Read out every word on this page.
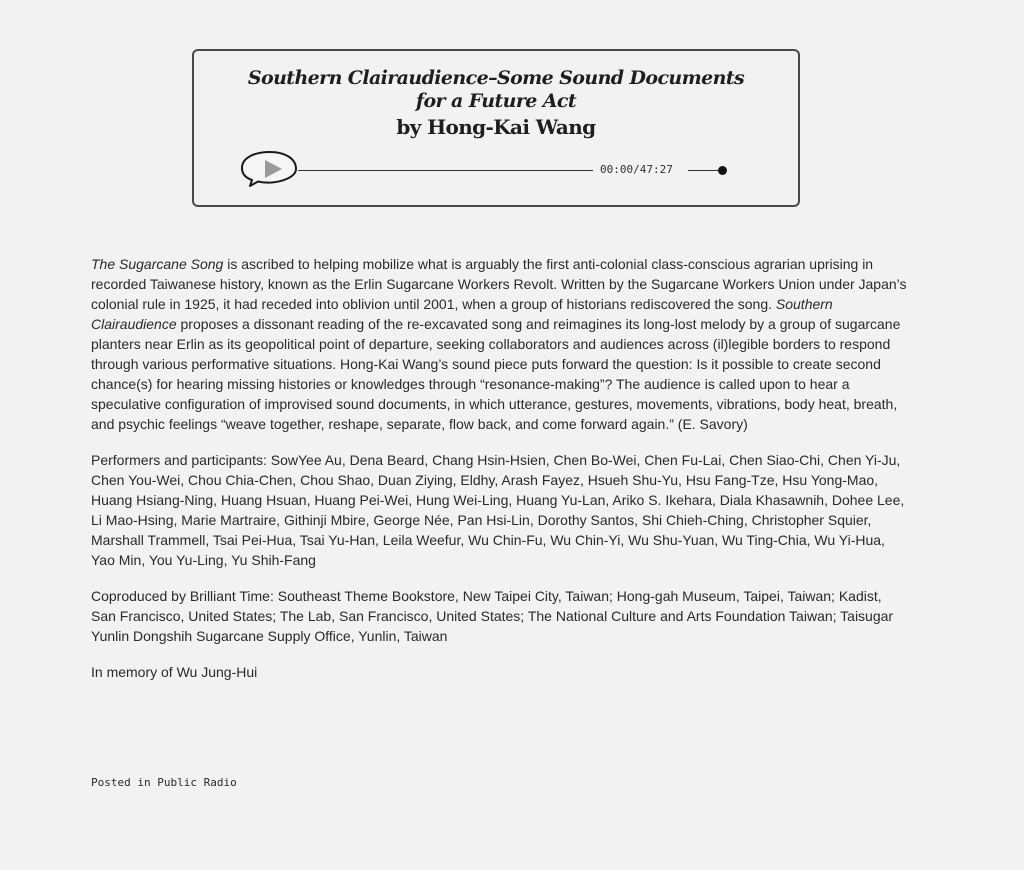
Southern Clairaudience–Some Sound Documents
for a Future Act
by Hong-Kai Wang
00:00/47:27

The Sugarcane Song is ascribed to helping mobilize what is arguably the first anti-colonial class-conscious agrarian uprising in recorded Taiwanese history, known as the Erlin Sugarcane Workers Revolt. Written by the Sugarcane Workers Union under Japan’s colonial rule in 1925, it had receded into oblivion until 2001, when a group of historians rediscovered the song. Southern Clairaudience proposes a dissonant reading of the re-excavated song and reimagines its long-lost melody by a group of sugarcane planters near Erlin as its geopolitical point of departure, seeking collaborators and audiences across (il)legible borders to respond through various performative situations. Hong-Kai Wang’s sound piece puts forward the question: Is it possible to create second chance(s) for hearing missing histories or knowledges through “resonance-making”? The audience is called upon to hear a speculative configuration of improvised sound documents, in which utterance, gestures, movements, vibrations, body heat, breath, and psychic feelings “weave together, reshape, separate, flow back, and come forward again.” (E. Savory)

Performers and participants: SowYee Au, Dena Beard, Chang Hsin-Hsien, Chen Bo-Wei, Chen Fu-Lai, Chen Siao-Chi, Chen Yi-Ju, Chen You-Wei, Chou Chia-Chen, Chou Shao, Duan Ziying, Eldhy, Arash Fayez, Hsueh Shu-Yu, Hsu Fang-Tze, Hsu Yong-Mao, Huang Hsiang-Ning, Huang Hsuan, Huang Pei-Wei, Hung Wei-Ling, Huang Yu-Lan, Ariko S. Ikehara, Diala Khasawnih, Dohee Lee, Li Mao-Hsing, Marie Martraire, Githinji Mbire, George Née, Pan Hsi-Lin, Dorothy Santos, Shi Chieh-Ching, Christopher Squier, Marshall Trammell, Tsai Pei-Hua, Tsai Yu-Han, Leila Weefur, Wu Chin-Fu, Wu Chin-Yi, Wu Shu-Yuan, Wu Ting-Chia, Wu Yi-Hua, Yao Min, You Yu-Ling, Yu Shih-Fang

Coproduced by Brilliant Time: Southeast Theme Bookstore, New Taipei City, Taiwan; Hong-gah Museum, Taipei, Taiwan; Kadist, San Francisco, United States; The Lab, San Francisco, United States; The National Culture and Arts Foundation Taiwan; Taisugar Yunlin Dongshih Sugarcane Supply Office, Yunlin, Taiwan

In memory of Wu Jung-Hui

Posted in Public Radio
